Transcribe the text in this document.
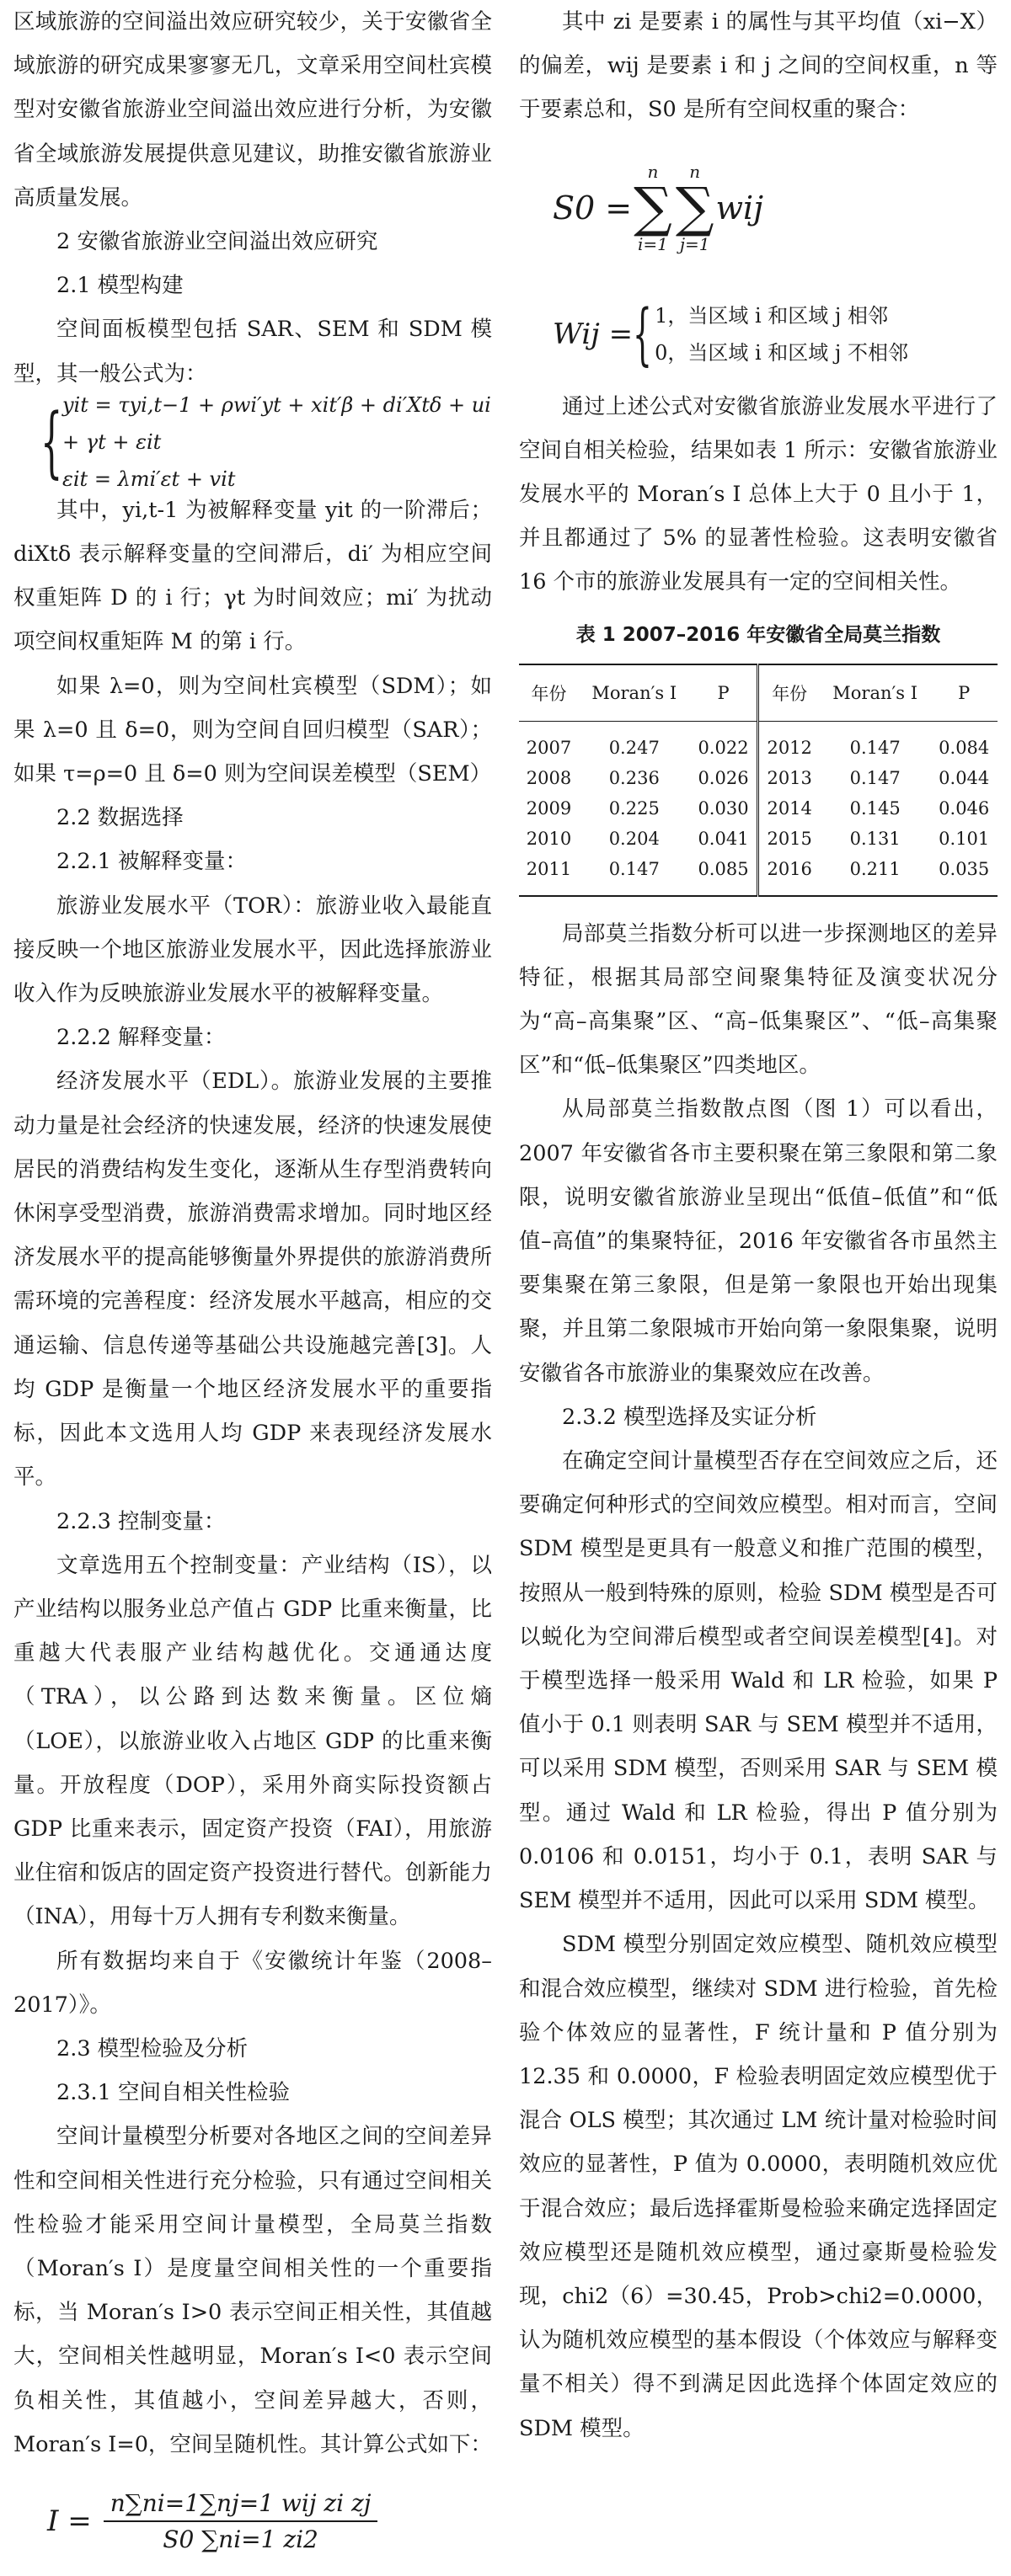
区域旅游的空间溢出效应研究较少，关于安徽省全域旅游的研究成果寥寥无几，文章采用空间杜宾模型对安徽省旅游业空间溢出效应进行分析，为安徽省全域旅游发展提供意见建议，助推安徽省旅游业高质量发展。

2 安徽省旅游业空间溢出效应研究
2.1 模型构建

空间面板模型包括 SAR、SEM 和 SDM 模型，其一般公式为：

{ yit = τyi,t−1 + ρwi′yt + xit′β + di′Xtδ + ui + γt + εit
εit = λmi′εt + vit

其中，yi,t-1 为被解释变量 yit 的一阶滞后；diXtδ 表示解释变量的空间滞后，di′ 为相应空间权重矩阵 D 的 i 行；γt 为时间效应；mi′ 为扰动项空间权重矩阵 M 的第 i 行。

如果 λ=0，则为空间杜宾模型（SDM）；如果 λ=0 且 δ=0，则为空间自回归模型（SAR）；如果 τ=ρ=0 且 δ=0 则为空间误差模型（SEM）

2.2 数据选择
2.2.1 被解释变量：

旅游业发展水平（TOR）：旅游业收入最能直接反映一个地区旅游业发展水平，因此选择旅游业收入作为反映旅游业发展水平的被解释变量。

2.2.2 解释变量：

经济发展水平（EDL）。旅游业发展的主要推动力量是社会经济的快速发展，经济的快速发展使居民的消费结构发生变化，逐渐从生存型消费转向休闲享受型消费，旅游消费需求增加。同时地区经济发展水平的提高能够衡量外界提供的旅游消费所需环境的完善程度：经济发展水平越高，相应的交通运输、信息传递等基础公共设施越完善[3]。人均 GDP 是衡量一个地区经济发展水平的重要指标，因此本文选用人均 GDP 来表现经济发展水平。

2.2.3 控制变量：

文章选用五个控制变量：产业结构（IS），以产业结构以服务业总产值占 GDP 比重来衡量，比重越大代表服产业结构越优化。交通通达度（TRA），以公路到达数来衡量。区位熵（LOE），以旅游业收入占地区 GDP 的比重来衡量。开放程度（DOP），采用外商实际投资额占 GDP 比重来表示，固定资产投资（FAI），用旅游业住宿和饭店的固定资产投资进行替代。创新能力（INA），用每十万人拥有专利数来衡量。

所有数据均来自于《安徽统计年鉴（2008–2017）》。

2.3 模型检验及分析
2.3.1 空间自相关性检验

空间计量模型分析要对各地区之间的空间差异性和空间相关性进行充分检验，只有通过空间相关性检验才能采用空间计量模型，全局莫兰指数（Moran′s I）是度量空间相关性的一个重要指标，当 Moran′s I>0 表示空间正相关性，其值越大，空间相关性越明显，Moran′s I<0 表示空间负相关性，其值越小，空间差异越大，否则，Moran′s I=0，空间呈随机性。其计算公式如下：

$I = \frac{\text{n∑ni=1∑nj=1 wij zi zj}}{S0 \sum ni=1 zi2}$

其中 zi 是要素 i 的属性与其平均值（xi−X）的偏差，wij 是要素 i 和 j 之间的空间权重，n 等于要素总和，S0 是所有空间权重的聚合：

S0 =
n
∑
i=1
n
∑
j=1
wij
Wij = { 1，当区域 i 和区域 j 相邻
0，当区域 i 和区域 j 不相邻

通过上述公式对安徽省旅游业发展水平进行了空间自相关检验，结果如表 1 所示：安徽省旅游业发展水平的 Moran′s I 总体上大于 0 且小于 1，并且都通过了 5% 的显著性检验。这表明安徽省 16 个市的旅游业发展具有一定的空间相关性。

表 1 2007–2016 年安徽省全局莫兰指数
年份	Moran′s I	P	年份	Moran′s I	P
2007	0.247	0.022	2012	0.147	0.084
2008	0.236	0.026	2013	0.147	0.044
2009	0.225	0.030	2014	0.145	0.046
2010	0.204	0.041	2015	0.131	0.101
2011	0.147	0.085	2016	0.211	0.035

局部莫兰指数分析可以进一步探测地区的差异特征，根据其局部空间聚集特征及演变状况分为“高–高集聚”区、“高–低集聚区”、“低–高集聚区”和“低–低集聚区”四类地区。

从局部莫兰指数散点图（图 1）可以看出，2007 年安徽省各市主要积聚在第三象限和第二象限，说明安徽省旅游业呈现出“低值–低值”和“低值–高值”的集聚特征，2016 年安徽省各市虽然主要集聚在第三象限，但是第一象限也开始出现集聚，并且第二象限城市开始向第一象限集聚，说明安徽省各市旅游业的集聚效应在改善。

2.3.2 模型选择及实证分析

在确定空间计量模型否存在空间效应之后，还要确定何种形式的空间效应模型。相对而言，空间 SDM 模型是更具有一般意义和推广范围的模型，按照从一般到特殊的原则，检验 SDM 模型是否可以蜕化为空间滞后模型或者空间误差模型[4]。对于模型选择一般采用 Wald 和 LR 检验，如果 P 值小于 0.1 则表明 SAR 与 SEM 模型并不适用，可以采用 SDM 模型，否则采用 SAR 与 SEM 模型。通过 Wald 和 LR 检验，得出 P 值分别为 0.0106 和 0.0151，均小于 0.1，表明 SAR 与 SEM 模型并不适用，因此可以采用 SDM 模型。

SDM 模型分别固定效应模型、随机效应模型和混合效应模型，继续对 SDM 进行检验，首先检验个体效应的显著性，F 统计量和 P 值分别为 12.35 和 0.0000，F 检验表明固定效应模型优于混合 OLS 模型；其次通过 LM 统计量对检验时间效应的显著性，P 值为 0.0000，表明随机效应优于混合效应；最后选择霍斯曼检验来确定选择固定效应模型还是随机效应模型，通过豪斯曼检验发现，chi2（6）=30.45，Prob>chi2=0.0000，认为随机效应模型的基本假设（个体效应与解释变量不相关）得不到满足因此选择个体固定效应的 SDM 模型。
